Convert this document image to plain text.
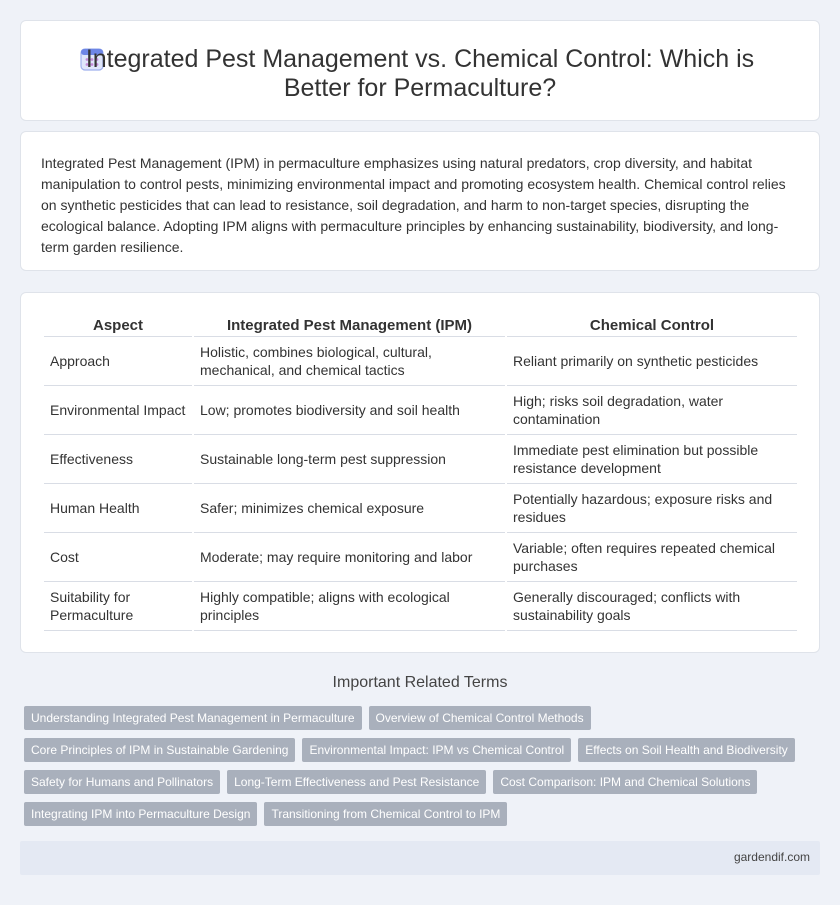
Integrated Pest Management vs. Chemical Control: Which is Better for Permaculture?

Integrated Pest Management (IPM) in permaculture emphasizes using natural predators, crop diversity, and habitat manipulation to control pests, minimizing environmental impact and promoting ecosystem health. Chemical control relies on synthetic pesticides that can lead to resistance, soil degradation, and harm to non-target species, disrupting the ecological balance. Adopting IPM aligns with permaculture principles by enhancing sustainability, biodiversity, and long-term garden resilience.

Aspect	Integrated Pest Management (IPM)	Chemical Control
Approach	Holistic, combines biological, cultural, mechanical, and chemical tactics	Reliant primarily on synthetic pesticides
Environmental Impact	Low; promotes biodiversity and soil health	High; risks soil degradation, water contamination
Effectiveness	Sustainable long-term pest suppression	Immediate pest elimination but possible resistance development
Human Health	Safer; minimizes chemical exposure	Potentially hazardous; exposure risks and residues
Cost	Moderate; may require monitoring and labor	Variable; often requires repeated chemical purchases
Suitability for Permaculture	Highly compatible; aligns with ecological principles	Generally discouraged; conflicts with sustainability goals
Important Related Terms
Understanding Integrated Pest Management in Permaculture	Overview of Chemical Control Methods
Core Principles of IPM in Sustainable Gardening	Environmental Impact: IPM vs Chemical Control	Effects on Soil Health and Biodiversity
Safety for Humans and Pollinators	Long-Term Effectiveness and Pest Resistance	Cost Comparison: IPM and Chemical Solutions
Integrating IPM into Permaculture Design	Transitioning from Chemical Control to IPM
gardendif.com
